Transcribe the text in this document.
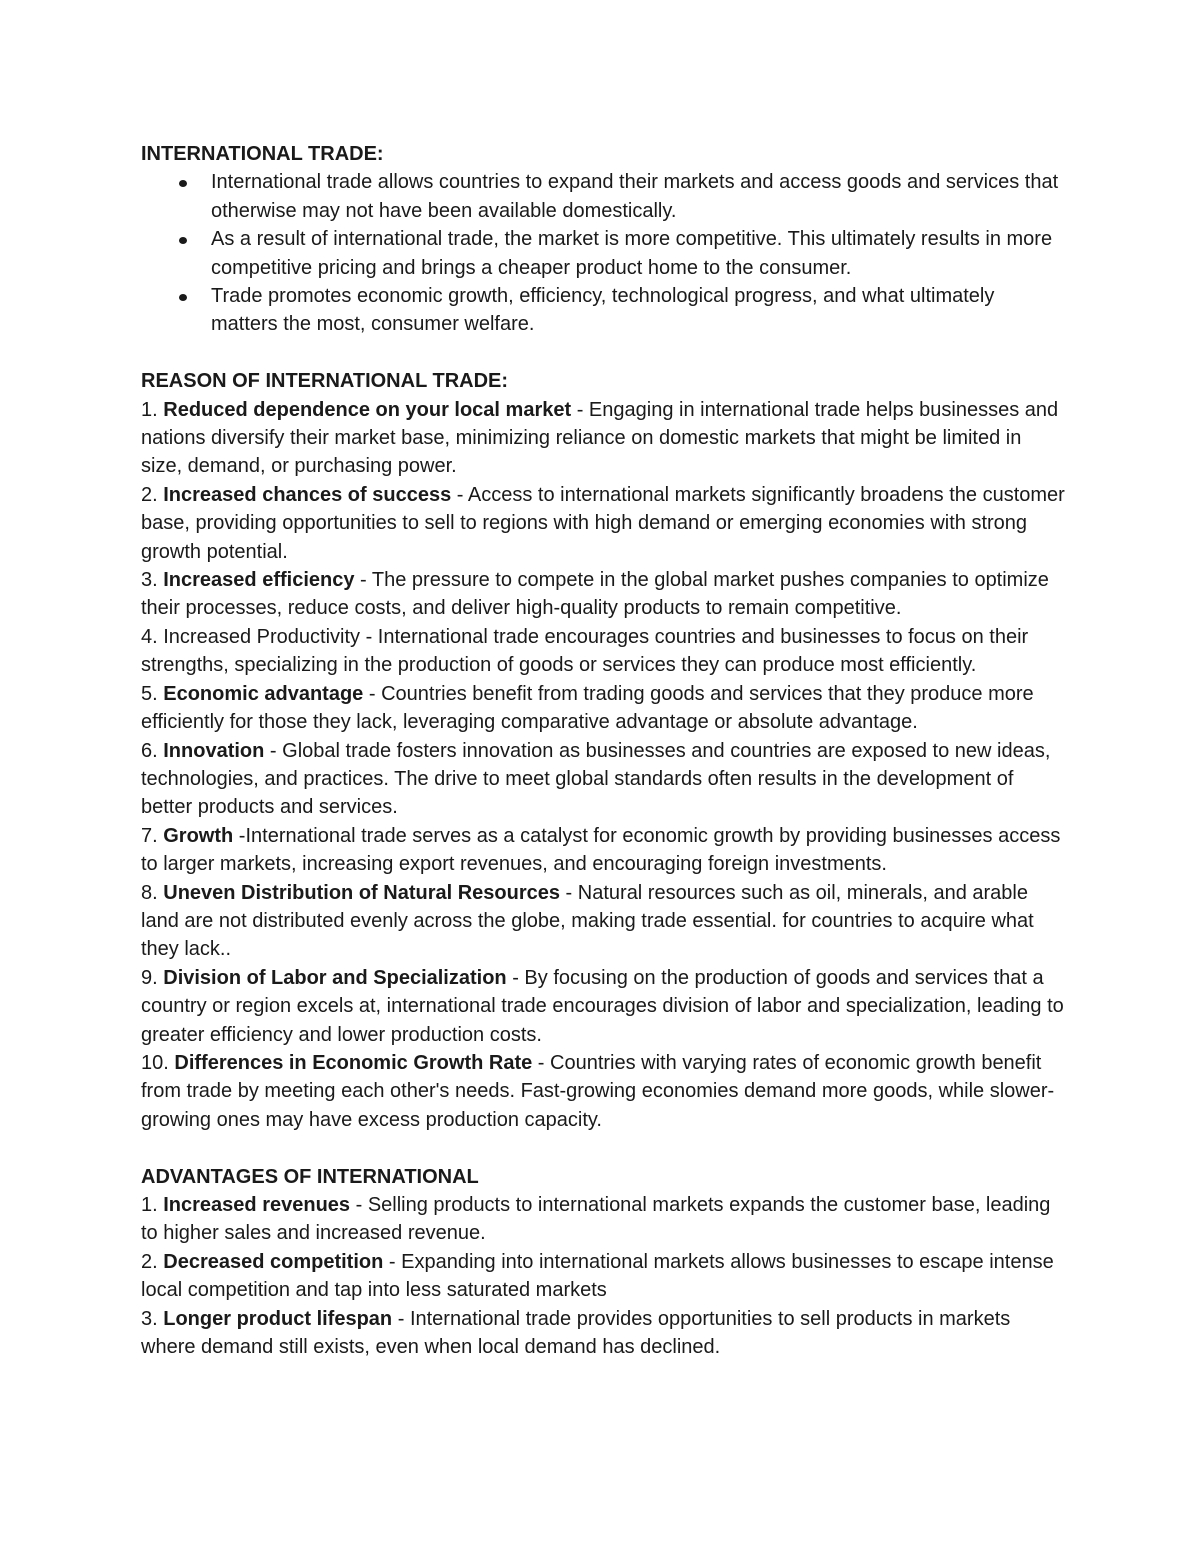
INTERNATIONAL TRADE:

International trade allows countries to expand their markets and access goods and services that otherwise may not have been available domestically.
As a result of international trade, the market is more competitive. This ultimately results in more competitive pricing and brings a cheaper product home to the consumer.
Trade promotes economic growth, efficiency, technological progress, and what ultimately matters the most, consumer welfare.

REASON OF INTERNATIONAL TRADE:

1. Reduced dependence on your local market - Engaging in international trade helps businesses and nations diversify their market base, minimizing reliance on domestic markets that might be limited in size, demand, or purchasing power.

2. Increased chances of success - Access to international markets significantly broadens the customer base, providing opportunities to sell to regions with high demand or emerging economies with strong growth potential.

3. Increased efficiency - The pressure to compete in the global market pushes companies to optimize their processes, reduce costs, and deliver high-quality products to remain competitive.

4. Increased Productivity - International trade encourages countries and businesses to focus on their strengths, specializing in the production of goods or services they can produce most efficiently.

5. Economic advantage - Countries benefit from trading goods and services that they produce more efficiently for those they lack, leveraging comparative advantage or absolute advantage.

6. Innovation - Global trade fosters innovation as businesses and countries are exposed to new ideas, technologies, and practices. The drive to meet global standards often results in the development of better products and services.

7. Growth -International trade serves as a catalyst for economic growth by providing businesses access to larger markets, increasing export revenues, and encouraging foreign investments.

8. Uneven Distribution of Natural Resources - Natural resources such as oil, minerals, and arable land are not distributed evenly across the globe, making trade essential. for countries to acquire what they lack..

9. Division of Labor and Specialization - By focusing on the production of goods and services that a country or region excels at, international trade encourages division of labor and specialization, leading to greater efficiency and lower production costs.

10. Differences in Economic Growth Rate - Countries with varying rates of economic growth benefit from trade by meeting each other's needs. Fast-growing economies demand more goods, while slower-growing ones may have excess production capacity.

ADVANTAGES OF INTERNATIONAL

1. Increased revenues - Selling products to international markets expands the customer base, leading to higher sales and increased revenue.

2. Decreased competition - Expanding into international markets allows businesses to escape intense local competition and tap into less saturated markets

3. Longer product lifespan - International trade provides opportunities to sell products in markets where demand still exists, even when local demand has declined.
